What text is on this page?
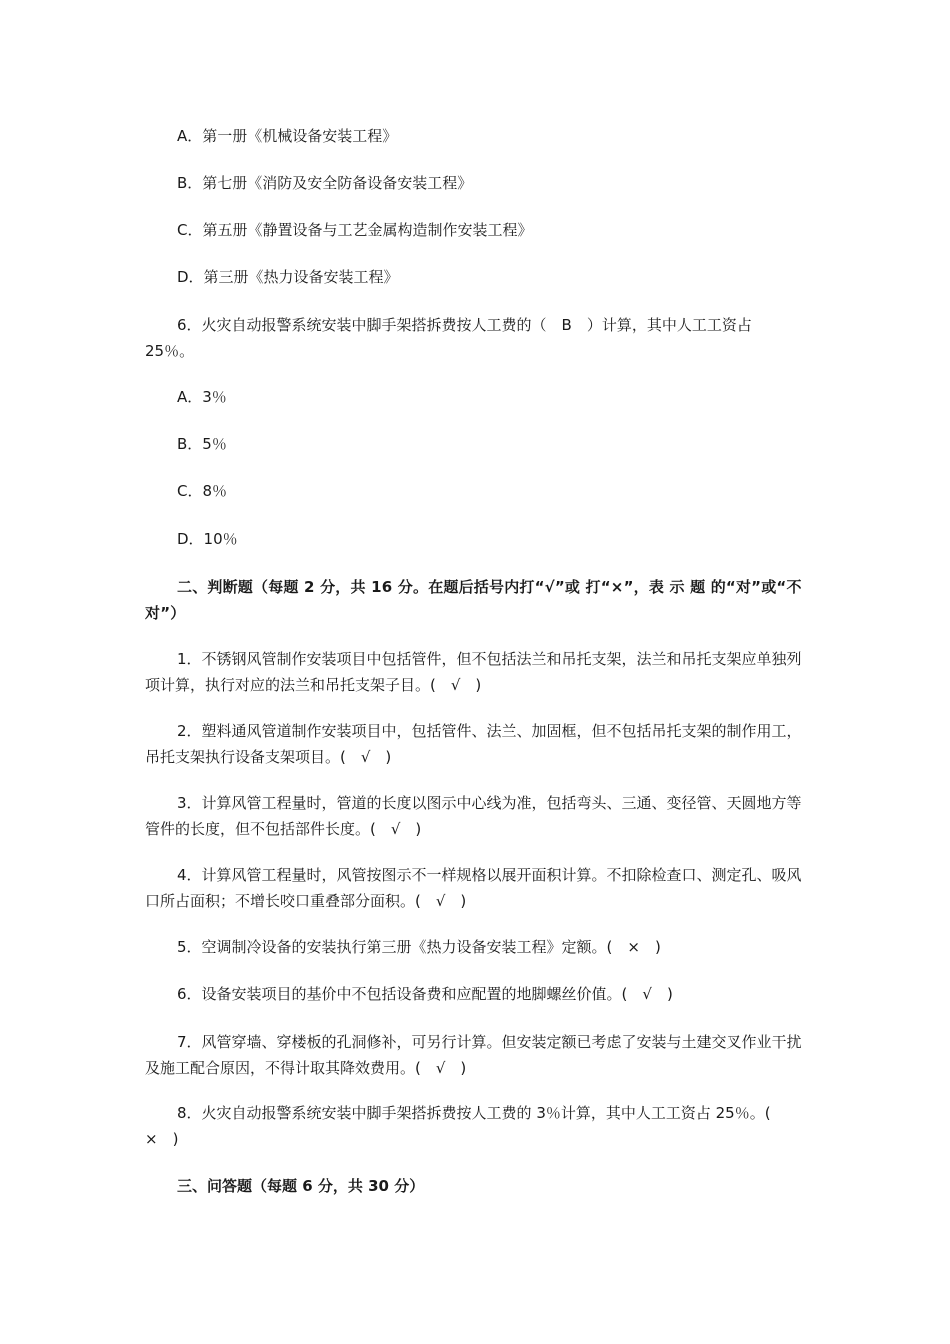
A．第一册《机械设备安装工程》

B．第七册《消防及安全防备设备安装工程》

C．第五册《静置设备与工艺金属构造制作安装工程》

D．第三册《热力设备安装工程》

6．火灾自动报警系统安装中脚手架搭拆费按人工费的（　B　）计算，其中人工工资占 25％。

A．3％

B．5％

C．8％

D．10％

二、判断题（每题 2 分，共 16 分。在题后括号内打“√”或 打“×”，表 示 题 的“对”或“不 对”）

1．不锈钢风管制作安装项目中包括管件，但不包括法兰和吊托支架，法兰和吊托支架应单独列项计算，执行对应的法兰和吊托支架子目。(　√　)

2．塑料通风管道制作安装项目中，包括管件、法兰、加固框，但不包括吊托支架的制作用工，吊托支架执行设备支架项目。(　√　)

3．计算风管工程量时，管道的长度以图示中心线为准，包括弯头、三通、变径管、天圆地方等管件的长度，但不包括部件长度。(　√　)

4．计算风管工程量时，风管按图示不一样规格以展开面积计算。不扣除检查口、测定孔、吸风口所占面积；不增长咬口重叠部分面积。(　√　)

5．空调制冷设备的安装执行第三册《热力设备安装工程》定额。(　×　)

6．设备安装项目的基价中不包括设备费和应配置的地脚螺丝价值。(　√　)

7．风管穿墙、穿楼板的孔洞修补，可另行计算。但安装定额已考虑了安装与土建交叉作业干扰及施工配合原因，不得计取其降效费用。(　√　)

8．火灾自动报警系统安装中脚手架搭拆费按人工费的 3％计算，其中人工工资占 25％。(　×　)

三、问答题（每题 6 分，共 30 分）
